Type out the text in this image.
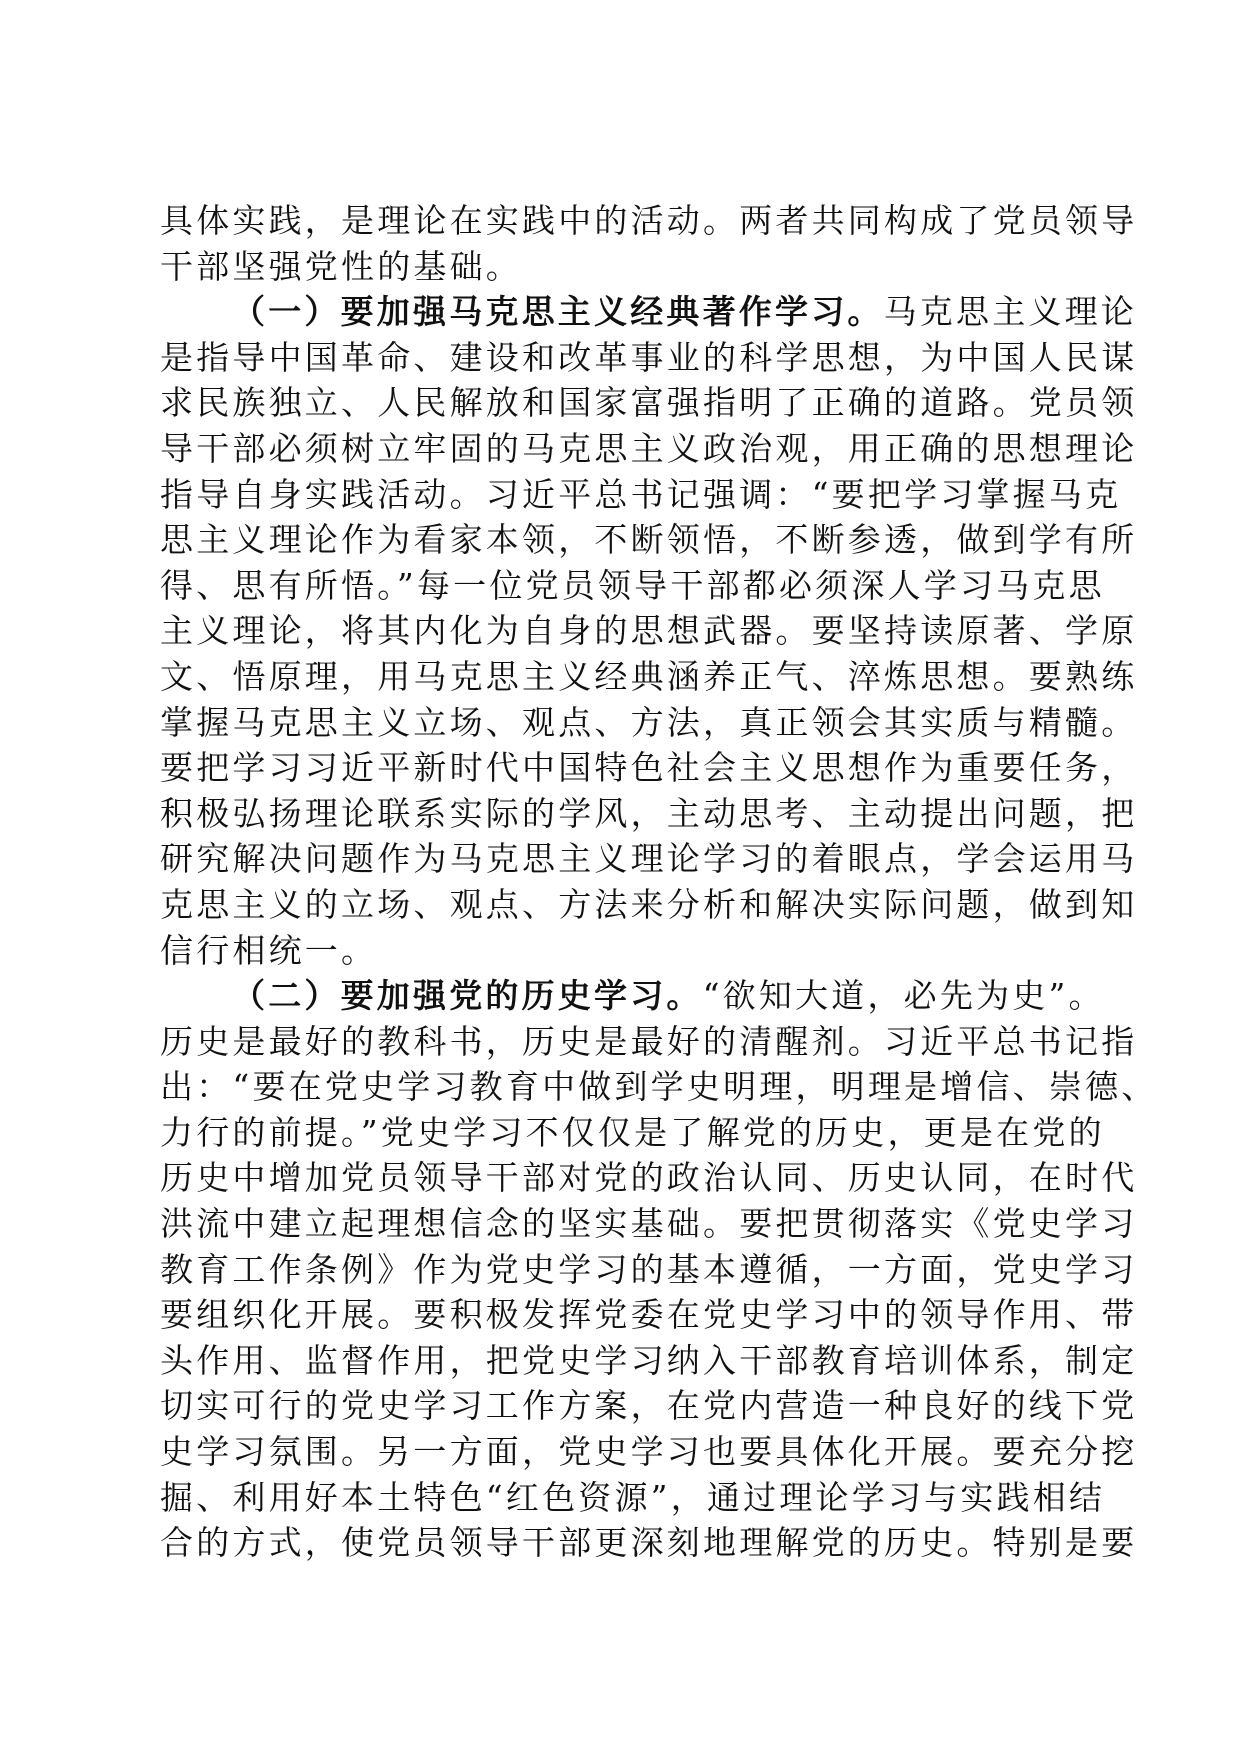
具体实践，是理论在实践中的活动。两者共同构成了党员领导
干部坚强党性的基础。
（一）要加强马克思主义经典著作学习。马克思主义理论
是指导中国革命、建设和改革事业的科学思想，为中国人民谋
求民族独立、人民解放和国家富强指明了正确的道路。党员领
导干部必须树立牢固的马克思主义政治观，用正确的思想理论
指导自身实践活动。习近平总书记强调：“要把学习掌握马克
思主义理论作为看家本领，不断领悟，不断参透，做到学有所
得、思有所悟。”每一位党员领导干部都必须深人学习马克思
主义理论，将其内化为自身的思想武器。要坚持读原著、学原
文、悟原理，用马克思主义经典涵养正气、淬炼思想。要熟练
掌握马克思主义立场、观点、方法，真正领会其实质与精髓。
要把学习习近平新时代中国特色社会主义思想作为重要任务，
积极弘扬理论联系实际的学风，主动思考、主动提出问题，把
研究解决问题作为马克思主义理论学习的着眼点，学会运用马
克思主义的立场、观点、方法来分析和解决实际问题，做到知
信行相统一。
（二）要加强党的历史学习。“欲知大道，必先为史”。
历史是最好的教科书，历史是最好的清醒剂。习近平总书记指
出：“要在党史学习教育中做到学史明理，明理是增信、崇德、
力行的前提。”党史学习不仅仅是了解党的历史，更是在党的
历史中增加党员领导干部对党的政治认同、历史认同，在时代
洪流中建立起理想信念的坚实基础。要把贯彻落实《党史学习
教育工作条例》作为党史学习的基本遵循，一方面，党史学习
要组织化开展。要积极发挥党委在党史学习中的领导作用、带
头作用、监督作用，把党史学习纳入干部教育培训体系，制定
切实可行的党史学习工作方案，在党内营造一种良好的线下党
史学习氛围。另一方面，党史学习也要具体化开展。要充分挖
掘、利用好本土特色“红色资源”，通过理论学习与实践相结
合的方式，使党员领导干部更深刻地理解党的历史。特别是要
